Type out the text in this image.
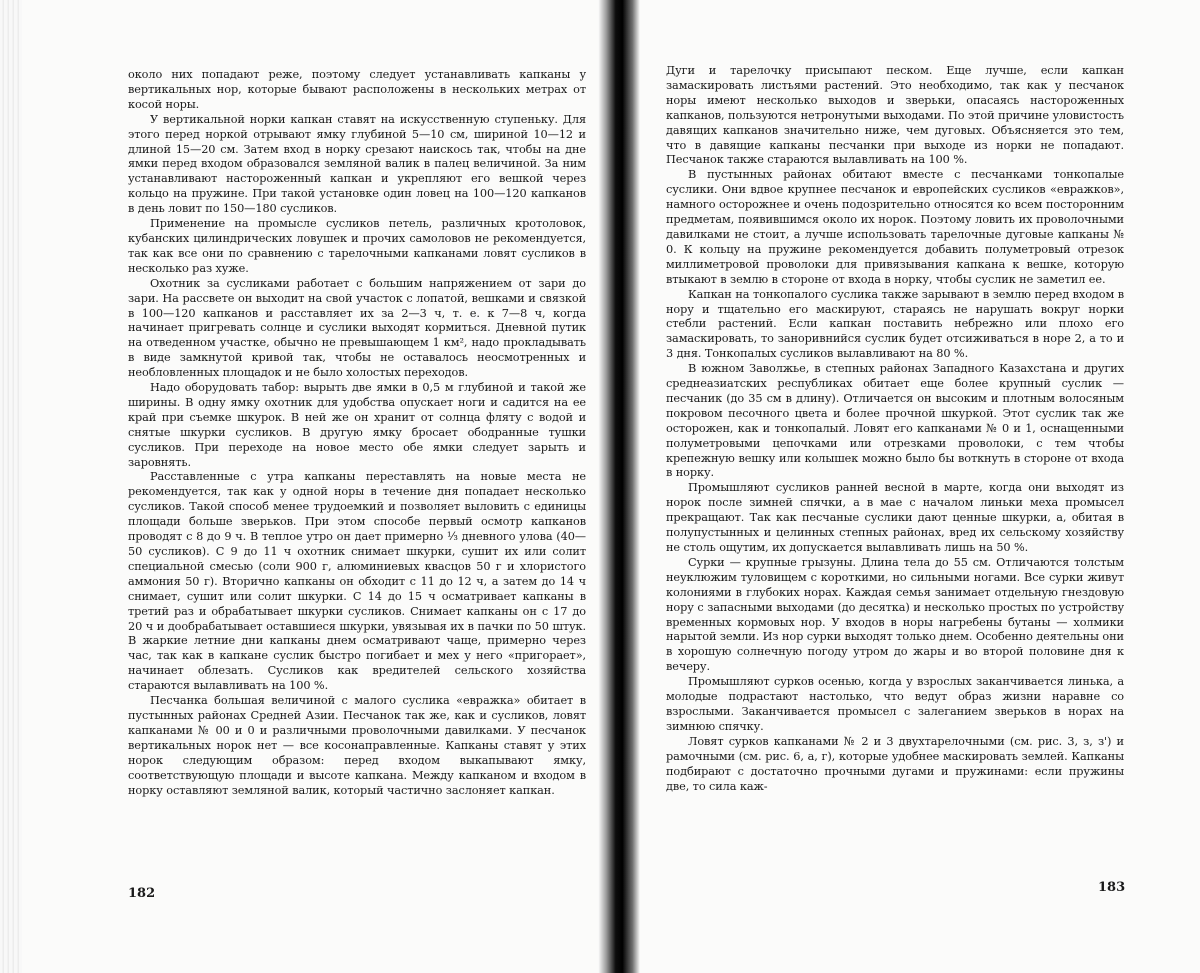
около них попадают реже, поэтому следует устанавливать капканы у вертикальных нор, которые бывают расположены в нескольких метрах от косой норы.

У вертикальной норки капкан ставят на искусственную ступеньку. Для этого перед норкой отрывают ямку глубиной 5—10 см, шириной 10—12 и длиной 15—20 см. Затем вход в норку срезают наискось так, чтобы на дне ямки перед входом образовался земляной валик в палец величиной. За ним устанавливают настороженный капкан и укрепляют его вешкой через кольцо на пружине. При такой установке один ловец на 100—120 капканов в день ловит по 150—180 сусликов.

Применение на промысле сусликов петель, различных кротоловок, кубанских цилиндрических ловушек и прочих самоловов не рекомендуется, так как все они по сравнению с тарелочными капканами ловят сусликов в несколько раз хуже.

Охотник за сусликами работает с большим напряжением от зари до зари. На рассвете он выходит на свой участок с лопатой, вешками и связкой в 100—120 капканов и расставляет их за 2—3 ч, т. е. к 7—8 ч, когда начинает пригревать солнце и суслики выходят кормиться. Дневной путик на отведенном участке, обычно не превышающем 1 км², надо прокладывать в виде замкнутой кривой так, чтобы не оставалось неосмотренных и необловленных площадок и не было холостых переходов.

Надо оборудовать табор: вырыть две ямки в 0,5 м глубиной и такой же ширины. В одну ямку охотник для удобства опускает ноги и садится на ее край при съемке шкурок. В ней же он хранит от солнца фляту с водой и снятые шкурки сусликов. В другую ямку бросает ободранные тушки сусликов. При переходе на новое место обе ямки следует зарыть и заровнять.

Расставленные с утра капканы переставлять на новые места не рекомендуется, так как у одной норы в течение дня попадает несколько сусликов. Такой способ менее трудоемкий и позволяет выловить с единицы площади больше зверьков. При этом способе первый осмотр капканов проводят с 8 до 9 ч. В теплое утро он дает примерно ⅓ дневного улова (40—50 сусликов). С 9 до 11 ч охотник снимает шкурки, сушит их или солит специальной смесью (соли 900 г, алюминиевых квасцов 50 г и хлористого аммония 50 г). Вторично капканы он обходит с 11 до 12 ч, а затем до 14 ч снимает, сушит или солит шкурки. С 14 до 15 ч осматривает капканы в третий раз и обрабатывает шкурки сусликов. Снимает капканы он с 17 до 20 ч и дообрабатывает оставшиеся шкурки, увязывая их в пачки по 50 штук. В жаркие летние дни капканы днем осматривают чаще, примерно через час, так как в капкане суслик быстро погибает и мех у него «пригорает», начинает облезать. Сусликов как вредителей сельского хозяйства стараются вылавливать на 100 %.

Песчанка большая величиной с малого суслика «евражка» обитает в пустынных районах Средней Азии. Песчанок так же, как и сусликов, ловят капканами № 00 и 0 и различными проволочными давилками. У песчанок вертикальных норок нет — все косонаправленные. Капканы ставят у этих норок следующим образом: перед входом выкапывают ямку, соответствующую площади и высоте капкана. Между капканом и входом в норку оставляют земляной валик, который частично заслоняет капкан.

182

Дуги и тарелочку присыпают песком. Еще лучше, если капкан замаскировать листьями растений. Это необходимо, так как у песчанок норы имеют несколько выходов и зверьки, опасаясь настороженных капканов, пользуются нетронутыми выходами. По этой причине уловистость давящих капканов значительно ниже, чем дуговых. Объясняется это тем, что в давящие капканы песчанки при выходе из норки не попадают. Песчанок также стараются вылавливать на 100 %.

В пустынных районах обитают вместе с песчанками тонкопалые суслики. Они вдвое крупнее песчанок и европейских сусликов «евражков», намного осторожнее и очень подозрительно относятся ко всем посторонним предметам, появившимся около их норок. Поэтому ловить их проволочными давилками не стоит, а лучше использовать тарелочные дуговые капканы № 0. К кольцу на пружине рекомендуется добавить полуметровый отрезок миллиметровой проволоки для привязывания капкана к вешке, которую втыкают в землю в стороне от входа в норку, чтобы суслик не заметил ее.

Капкан на тонкопалого суслика также зарывают в землю перед входом в нору и тщательно его маскируют, стараясь не нарушать вокруг норки стебли растений. Если капкан поставить небрежно или плохо его замаскировать, то заноривнийся суслик будет отсиживаться в норе 2, а то и 3 дня. Тонкопалых сусликов вылавливают на 80 %.

В южном Заволжье, в степных районах Западного Казахстана и других среднеазиатских республиках обитает еще более крупный суслик — песчаник (до 35 см в длину). Отличается он высоким и плотным волосяным покровом песочного цвета и более прочной шкуркой. Этот суслик так же осторожен, как и тонкопалый. Ловят его капканами № 0 и 1, оснащенными полуметровыми цепочками или отрезками проволоки, с тем чтобы крепежную вешку или колышек можно было бы воткнуть в стороне от входа в норку.

Промышляют сусликов ранней весной в марте, когда они выходят из норок после зимней спячки, а в мае с началом линьки меха промысел прекращают. Так как песчаные суслики дают ценные шкурки, а, обитая в полупустынных и целинных степных районах, вред их сельскому хозяйству не столь ощутим, их допускается вылавливать лишь на 50 %.

Сурки — крупные грызуны. Длина тела до 55 см. Отличаются толстым неуклюжим туловищем с короткими, но сильными ногами. Все сурки живут колониями в глубоких норах. Каждая семья занимает отдельную гнездовую нору с запасными выходами (до десятка) и несколько простых по устройству временных кормовых нор. У входов в норы нагребены бутаны — холмики нарытой земли. Из нор сурки выходят только днем. Особенно деятельны они в хорошую солнечную погоду утром до жары и во второй половине дня к вечеру.

Промышляют сурков осенью, когда у взрослых заканчивается линька, а молодые подрастают настолько, что ведут образ жизни наравне со взрослыми. Заканчивается промысел с залеганием зверьков в норах на зимнюю спячку.

Ловят сурков капканами № 2 и 3 двухтарелочными (см. рис. 3, з, з') и рамочными (см. рис. 6, а, г), которые удобнее маскировать землей. Капканы подбирают с достаточно прочными дугами и пружинами: если пружины две, то сила каж-

183
